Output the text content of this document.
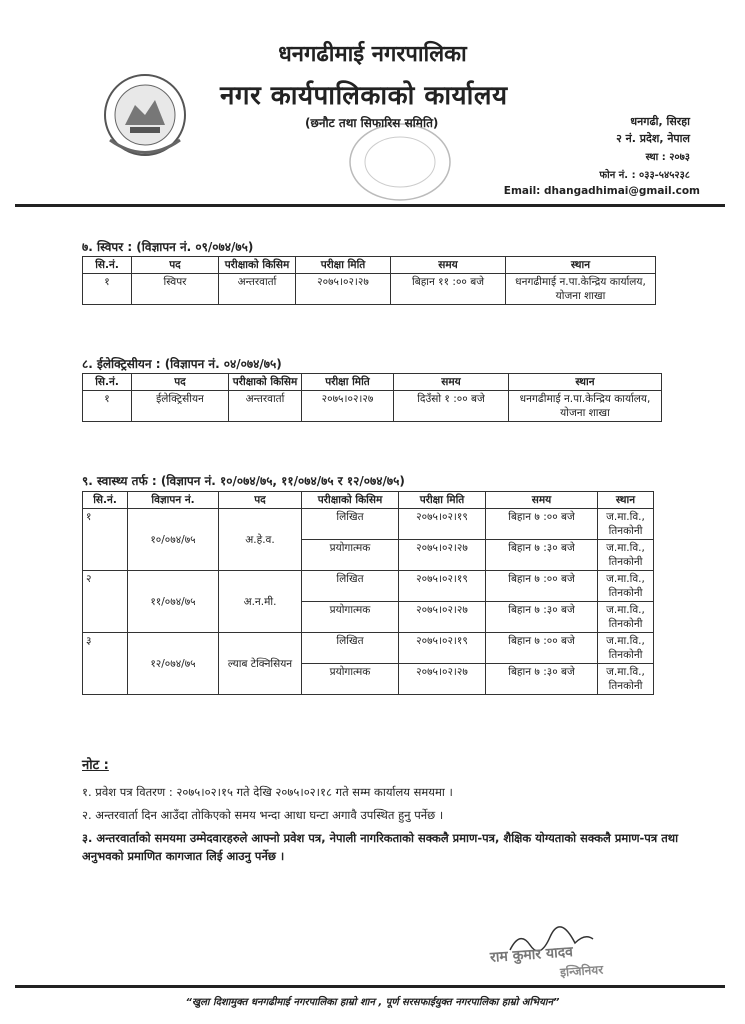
धनगढीमाई नगरपालिका
नगर कार्यपालिकाको कार्यालय
(छनौट तथा सिफारिस समिति)	धनगढी, सिरहा
२ नं. प्रदेश, नेपाल
स्था : २०७३
फोन नं. : ०३३-५४५२३८
Email: dhangadhimai@gmail.com
७. स्विपर : (विज्ञापन नं. ०९/०७४/७५)
सि.नं.	पद	परीक्षाको किसिम	परीक्षा मिति	समय	स्थान
१	स्विपर	अन्तरवार्ता	२०७५।०२।२७	बिहान ११ :०० बजे	धनगढीमाई न.पा.केन्द्रिय कार्यालय, योजना शाखा
८. ईलेक्ट्रिसीयन : (विज्ञापन नं. ०४/०७४/७५)
सि.नं.	पद	परीक्षाको किसिम	परीक्षा मिति	समय	स्थान
१	ईलेक्ट्रिसीयन	अन्तरवार्ता	२०७५।०२।२७	दिउँसो १ :०० बजे	धनगढीमाई न.पा.केन्द्रिय कार्यालय, योजना शाखा
९. स्वास्थ्य तर्फ : (विज्ञापन नं. १०/०७४/७५, ११/०७४/७५ र १२/०७४/७५)
सि.नं.	विज्ञापन नं.	पद	परीक्षाको किसिम	परीक्षा मिति	समय	स्थान
१	१०/०७४/७५	अ.हे.व.	लिखित	२०७५।०२।१९	बिहान ७ :०० बजे	ज.मा.वि., तिनकोनी
			प्रयोगात्मक	२०७५।०२।२७	बिहान ७ :३० बजे	ज.मा.वि., तिनकोनी
२	११/०७४/७५	अ.न.मी.	लिखित	२०७५।०२।१९	बिहान ७ :०० बजे	ज.मा.वि., तिनकोनी
			प्रयोगात्मक	२०७५।०२।२७	बिहान ७ :३० बजे	ज.मा.वि., तिनकोनी
३	१२/०७४/७५	ल्याब टेक्निसियन	लिखित	२०७५।०२।१९	बिहान ७ :०० बजे	ज.मा.वि., तिनकोनी
			प्रयोगात्मक	२०७५।०२।२७	बिहान ७ :३० बजे	ज.मा.वि., तिनकोनी
नोट :
१. प्रवेश पत्र वितरण : २०७५।०२।१५ गते देखि २०७५।०२।१८ गते सम्म कार्यालय समयमा ।
२. अन्तरवार्ता दिन आउँदा तोकिएको समय भन्दा आधा घन्टा अगावै उपस्थित हुनु पर्नेछ ।
३. अन्तरवार्ताको समयमा उम्मेदवारहरुले आफ्नो प्रवेश पत्र, नेपाली नागरिकताको सक्कलै प्रमाण-पत्र, शैक्षिक योग्यताको सक्कलै प्रमाण-पत्र तथा अनुभवको प्रमाणित कागजात लिई आउनु पर्नेछ ।
राम कुमार यादव
इन्जिनियर
“खुला दिशामुक्त धनगढीमाई नगरपालिका हाम्रो शान , पूर्ण सरसफाईयुक्त नगरपालिका हाम्रो अभियान”
